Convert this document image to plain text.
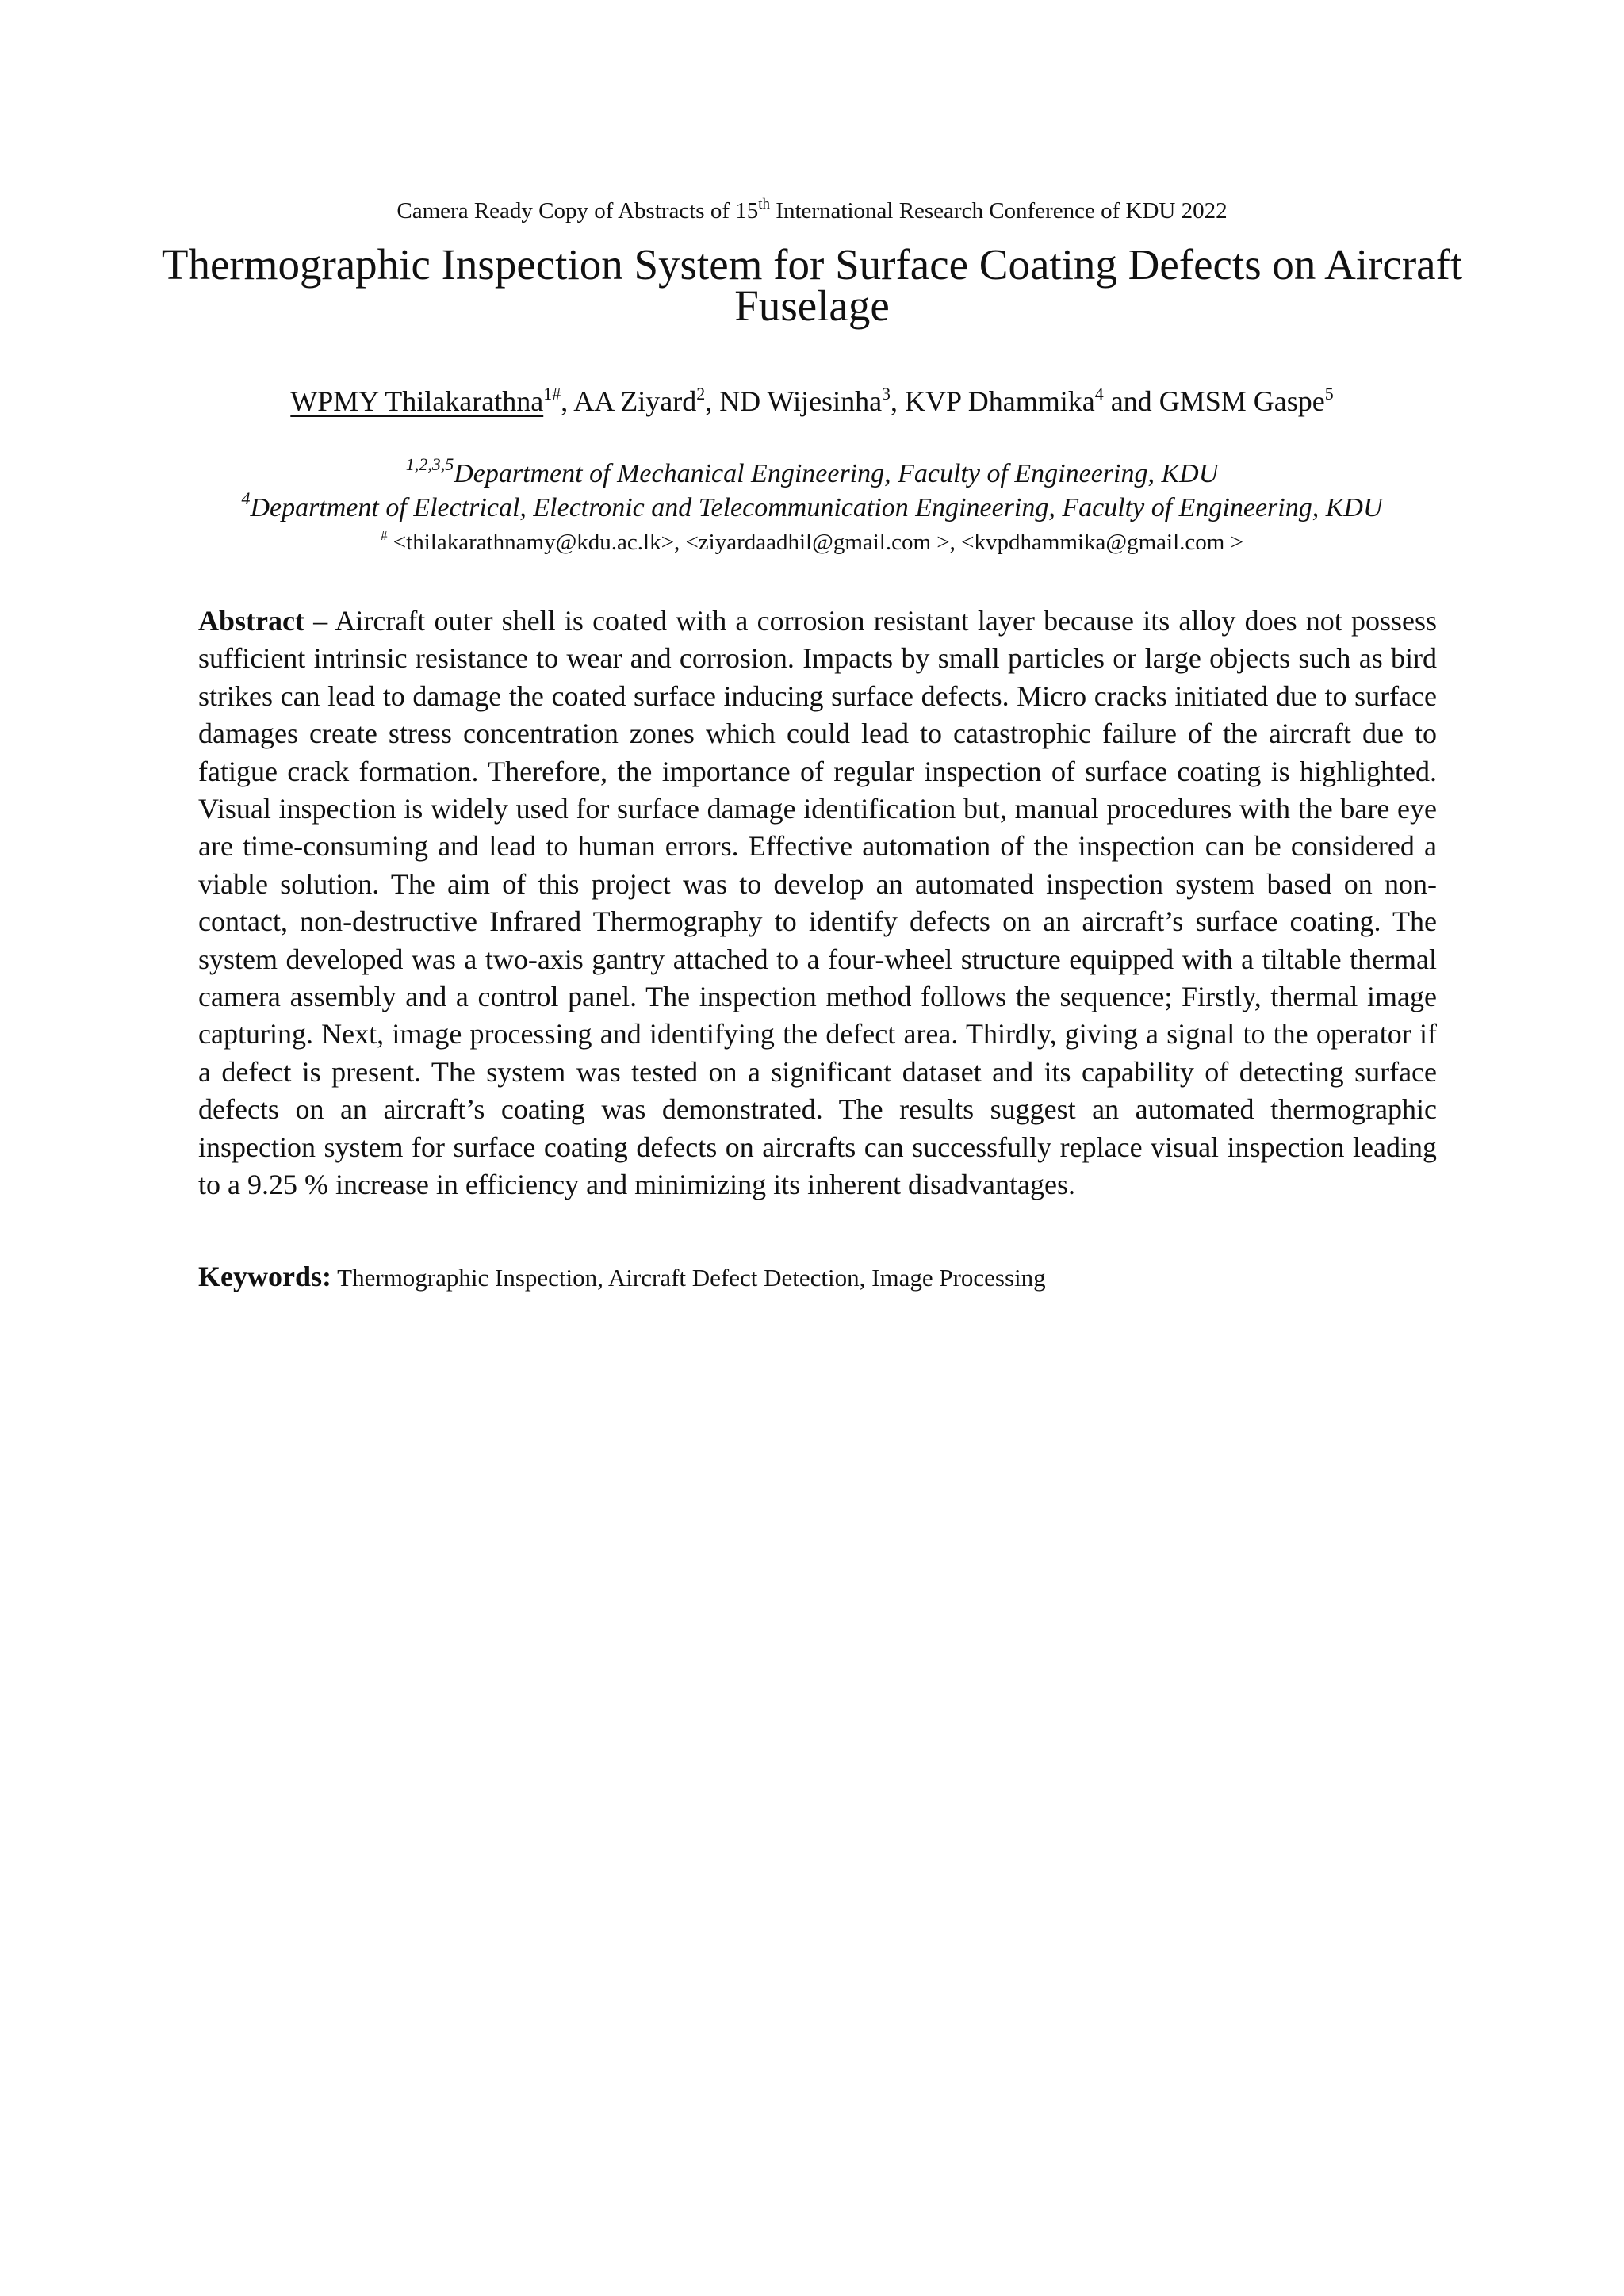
Camera Ready Copy of Abstracts of 15th International Research Conference of KDU 2022
Thermographic Inspection System for Surface Coating Defects on Aircraft Fuselage
WPMY Thilakarathna$^{1\#}$, AA Ziyard$^2$, ND Wijesinha$^3$, KVP Dhammika$^4$ and GMSM Gaspe$^5$
$^{1,2,3,5}$Department of Mechanical Engineering, Faculty of Engineering, KDU
$^4$Department of Electrical, Electronic and Telecommunication Engineering, Faculty of Engineering, KDU
# <thilakarathnamy@kdu.ac.lk>, <ziyardaadhil@gmail.com >, <kvpdhammika@gmail.com >

Abstract – Aircraft outer shell is coated with a corrosion resistant layer because its alloy does not possess sufficient intrinsic resistance to wear and corrosion. Impacts by small particles or large objects such as bird strikes can lead to damage the coated surface inducing surface defects. Micro cracks initiated due to surface damages create stress concentration zones which could lead to catastrophic failure of the aircraft due to fatigue crack formation. Therefore, the importance of regular inspection of surface coating is highlighted. Visual inspection is widely used for surface damage identification but, manual procedures with the bare eye are time-consuming and lead to human errors. Effective automation of the inspection can be considered a viable solution. The aim of this project was to develop an automated inspection system based on non-contact, non-destructive Infrared Thermography to identify defects on an aircraft’s surface coating. The system developed was a two-axis gantry attached to a four-wheel structure equipped with a tiltable thermal camera assembly and a control panel. The inspection method follows the sequence; Firstly, thermal image capturing. Next, image processing and identifying the defect area. Thirdly, giving a signal to the operator if a defect is present. The system was tested on a significant dataset and its capability of detecting surface defects on an aircraft’s coating was demonstrated. The results suggest an automated thermographic inspection system for surface coating defects on aircrafts can successfully replace visual inspection leading to a 9.25 % increase in efficiency and minimizing its inherent disadvantages.

Keywords: Thermographic Inspection, Aircraft Defect Detection, Image Processing
